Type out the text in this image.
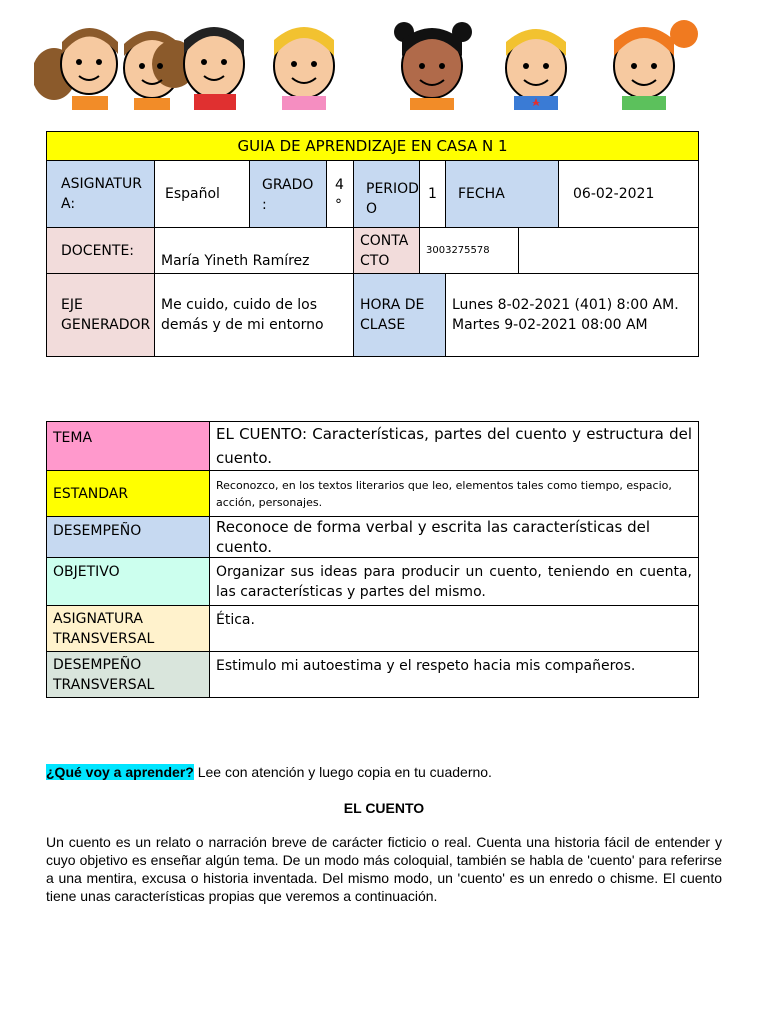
GUIA DE APRENDIZAJE EN CASA N 1								
ASIGNATUR A:	Español	GRADO :	4 °	PERIOD O	1	FECHA		06-02-2021
DOCENTE:	María Yineth Ramírez			CONTA CTO	3003275578			
EJE GENERADOR	Me cuido, cuido de los demás y de mi entorno			HORA DE CLASE		Lunes 8-02-2021 (401) 8:00 AM.
Martes 9-02-2021 08:00 AM		
TEMA	EL CUENTO: Características, partes del cuento y estructura del cuento.
ESTANDAR	Reconozco, en los textos literarios que leo, elementos tales como tiempo, espacio, acción, personajes.
DESEMPEÑO	Reconoce de forma verbal y escrita las características del cuento.
OBJETIVO	Organizar sus ideas para producir un cuento, teniendo en cuenta, las características y partes del mismo.
ASIGNATURA TRANSVERSAL	Ética.
DESEMPEÑO TRANSVERSAL	Estimulo mi autoestima y el respeto hacia mis compañeros.
¿Qué voy a aprender? Lee con atención y luego copia en tu cuaderno.
EL CUENTO
Un cuento es un relato o narración breve de carácter ficticio o real. Cuenta una historia fácil de entender y cuyo objetivo es enseñar algún tema. De un modo más coloquial, también se habla de 'cuento' para referirse a una mentira, excusa o historia inventada. Del mismo modo, un 'cuento' es un enredo o chisme. El cuento tiene unas características propias que veremos a continuación.
